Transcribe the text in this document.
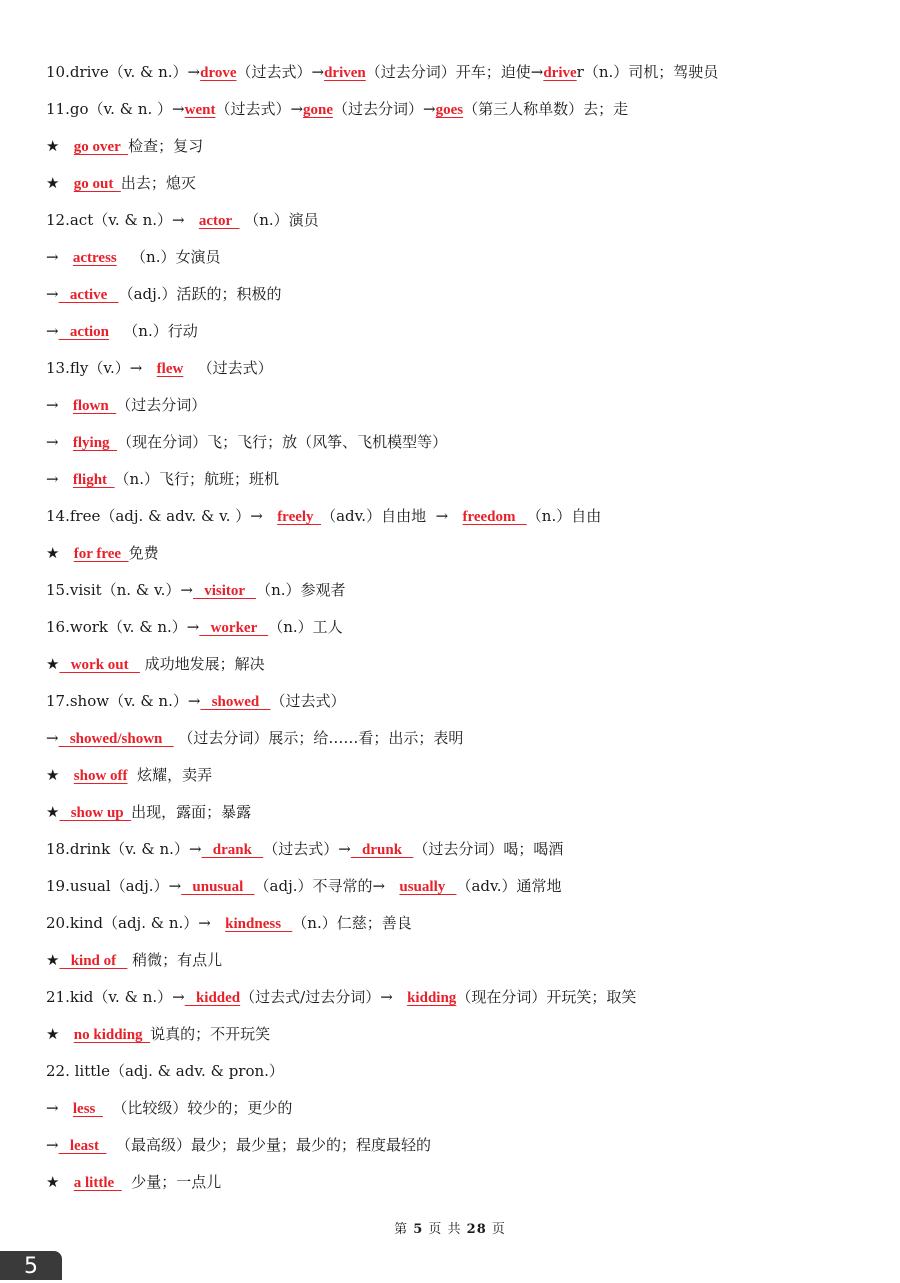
10.drive（v. & n.）→drove（过去式）→driven（过去分词）开车；迫使→driver（n.）司机；驾驶员
11.go（v. & n. ）→went（过去式）→gone（过去分词）→goes（第三人称单数）去；走
★   go over  检查；复习
★   go out  出去；熄灭
12.act（v. & n.）→   actor   （n.）演员
→   actress   （n.）女演员
→   active   （adj.）活跃的；积极的
→   action   （n.）行动
13.fly（v.）→   flew   （过去式）
→   flown  （过去分词）
→   flying  （现在分词）飞；飞行；放（风筝、飞机模型等）
→   flight  （n.）飞行；航班；班机
14.free（adj. & adv. & v. ）→   freely  （adv.）自由地  →   freedom   （n.）自由
★   for free  免费
15.visit（n. & v.）→   visitor   （n.）参观者
16.work（v. & n.）→   worker   （n.）工人
★   work out    成功地发展；解决
17.show（v. & n.）→   showed   （过去式）
→   showed/shown    （过去分词）展示；给……看；出示；表明
★   show off  炫耀，卖弄
★   show up  出现，露面；暴露
18.drink（v. & n.）→   drank   （过去式）→   drunk   （过去分词）喝；喝酒
19.usual（adj.）→   unusual   （adj.）不寻常的→   usually   （adv.）通常地
20.kind（adj. & n.）→   kindness   （n.）仁慈；善良
★   kind of    稍微；有点儿
21.kid（v. & n.）→   kidded（过去式/过去分词）→   kidding（现在分词）开玩笑；取笑
★   no kidding  说真的；不开玩笑
22. little（adj. & adv. & pron.）
→   less    （比较级）较少的；更少的
→   least    （最高级）最少；最少量；最少的；程度最轻的
★   a little    少量；一点儿
第 5 页 共 28 页
5
